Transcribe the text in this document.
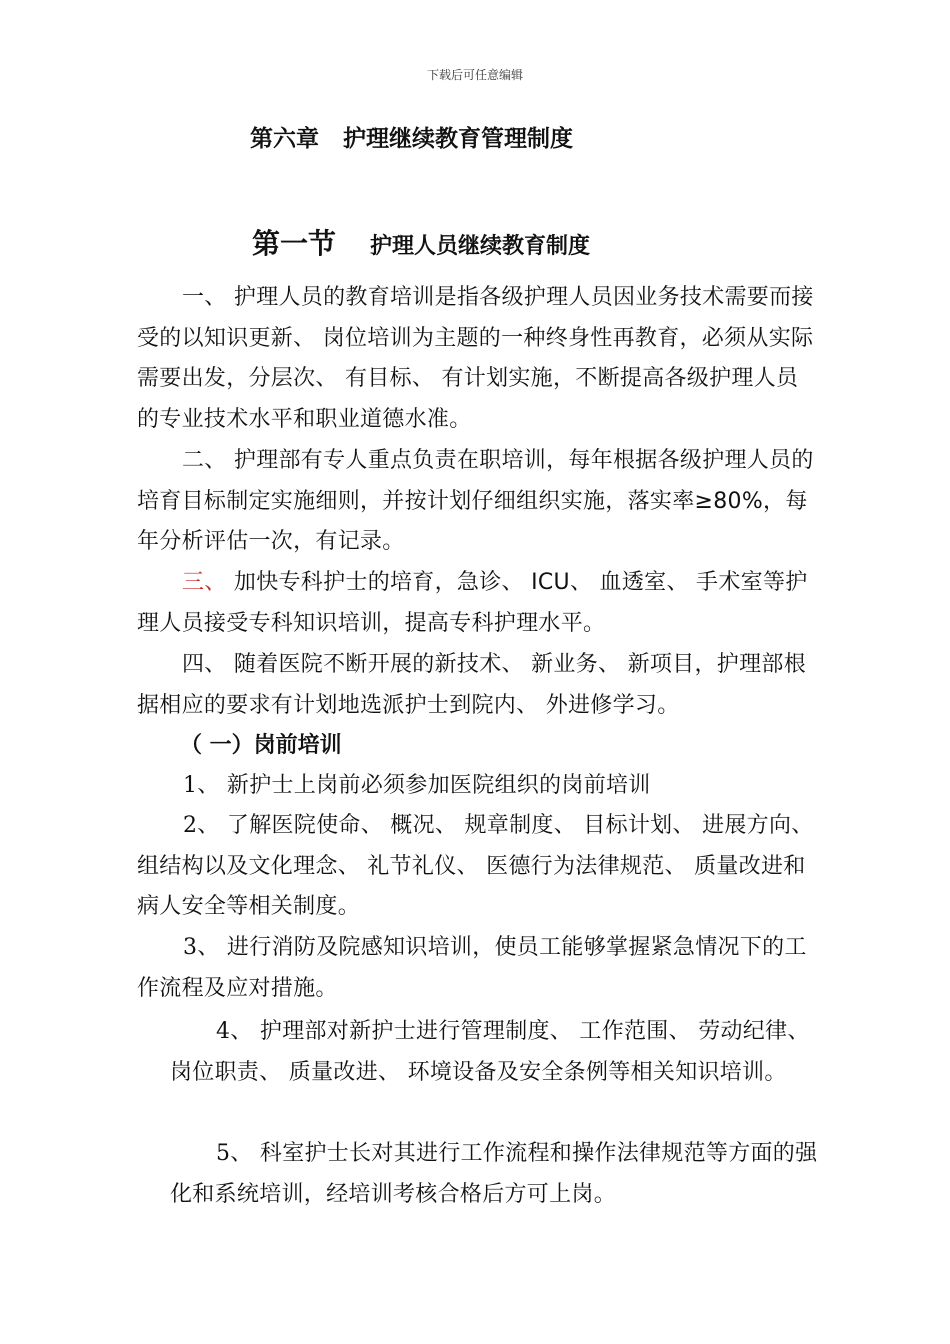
下载后可任意编辑
第六章 护理继续教育管理制度
第一节 护理人员继续教育制度
一、 护理人员的教育培训是指各级护理人员因业务技术需要而接受的以知识更新、 岗位培训为主题的一种终身性再教育，必须从实际需要出发，分层次、 有目标、 有计划实施，不断提高各级护理人员的专业技术水平和职业道德水准。
二、 护理部有专人重点负责在职培训，每年根据各级护理人员的培育目标制定实施细则，并按计划仔细组织实施，落实率≥80%，每年分析评估一次，有记录。
三、 加快专科护士的培育，急诊、 ICU、 血透室、 手术室等护理人员接受专科知识培训，提高专科护理水平。
四、 随着医院不断开展的新技术、 新业务、 新项目，护理部根据相应的要求有计划地选派护士到院内、 外进修学习。
（ 一）岗前培训
1、 新护士上岗前必须参加医院组织的岗前培训
2、 了解医院使命、 概况、 规章制度、 目标计划、 进展方向、 组结构以及文化理念、 礼节礼仪、 医德行为法律规范、 质量改进和病人安全等相关制度。
3、 进行消防及院感知识培训，使员工能够掌握紧急情况下的工作流程及应对措施。
4、 护理部对新护士进行管理制度、 工作范围、 劳动纪律、 岗位职责、 质量改进、 环境设备及安全条例等相关知识培训。
5、 科室护士长对其进行工作流程和操作法律规范等方面的强化和系统培训，经培训考核合格后方可上岗。
